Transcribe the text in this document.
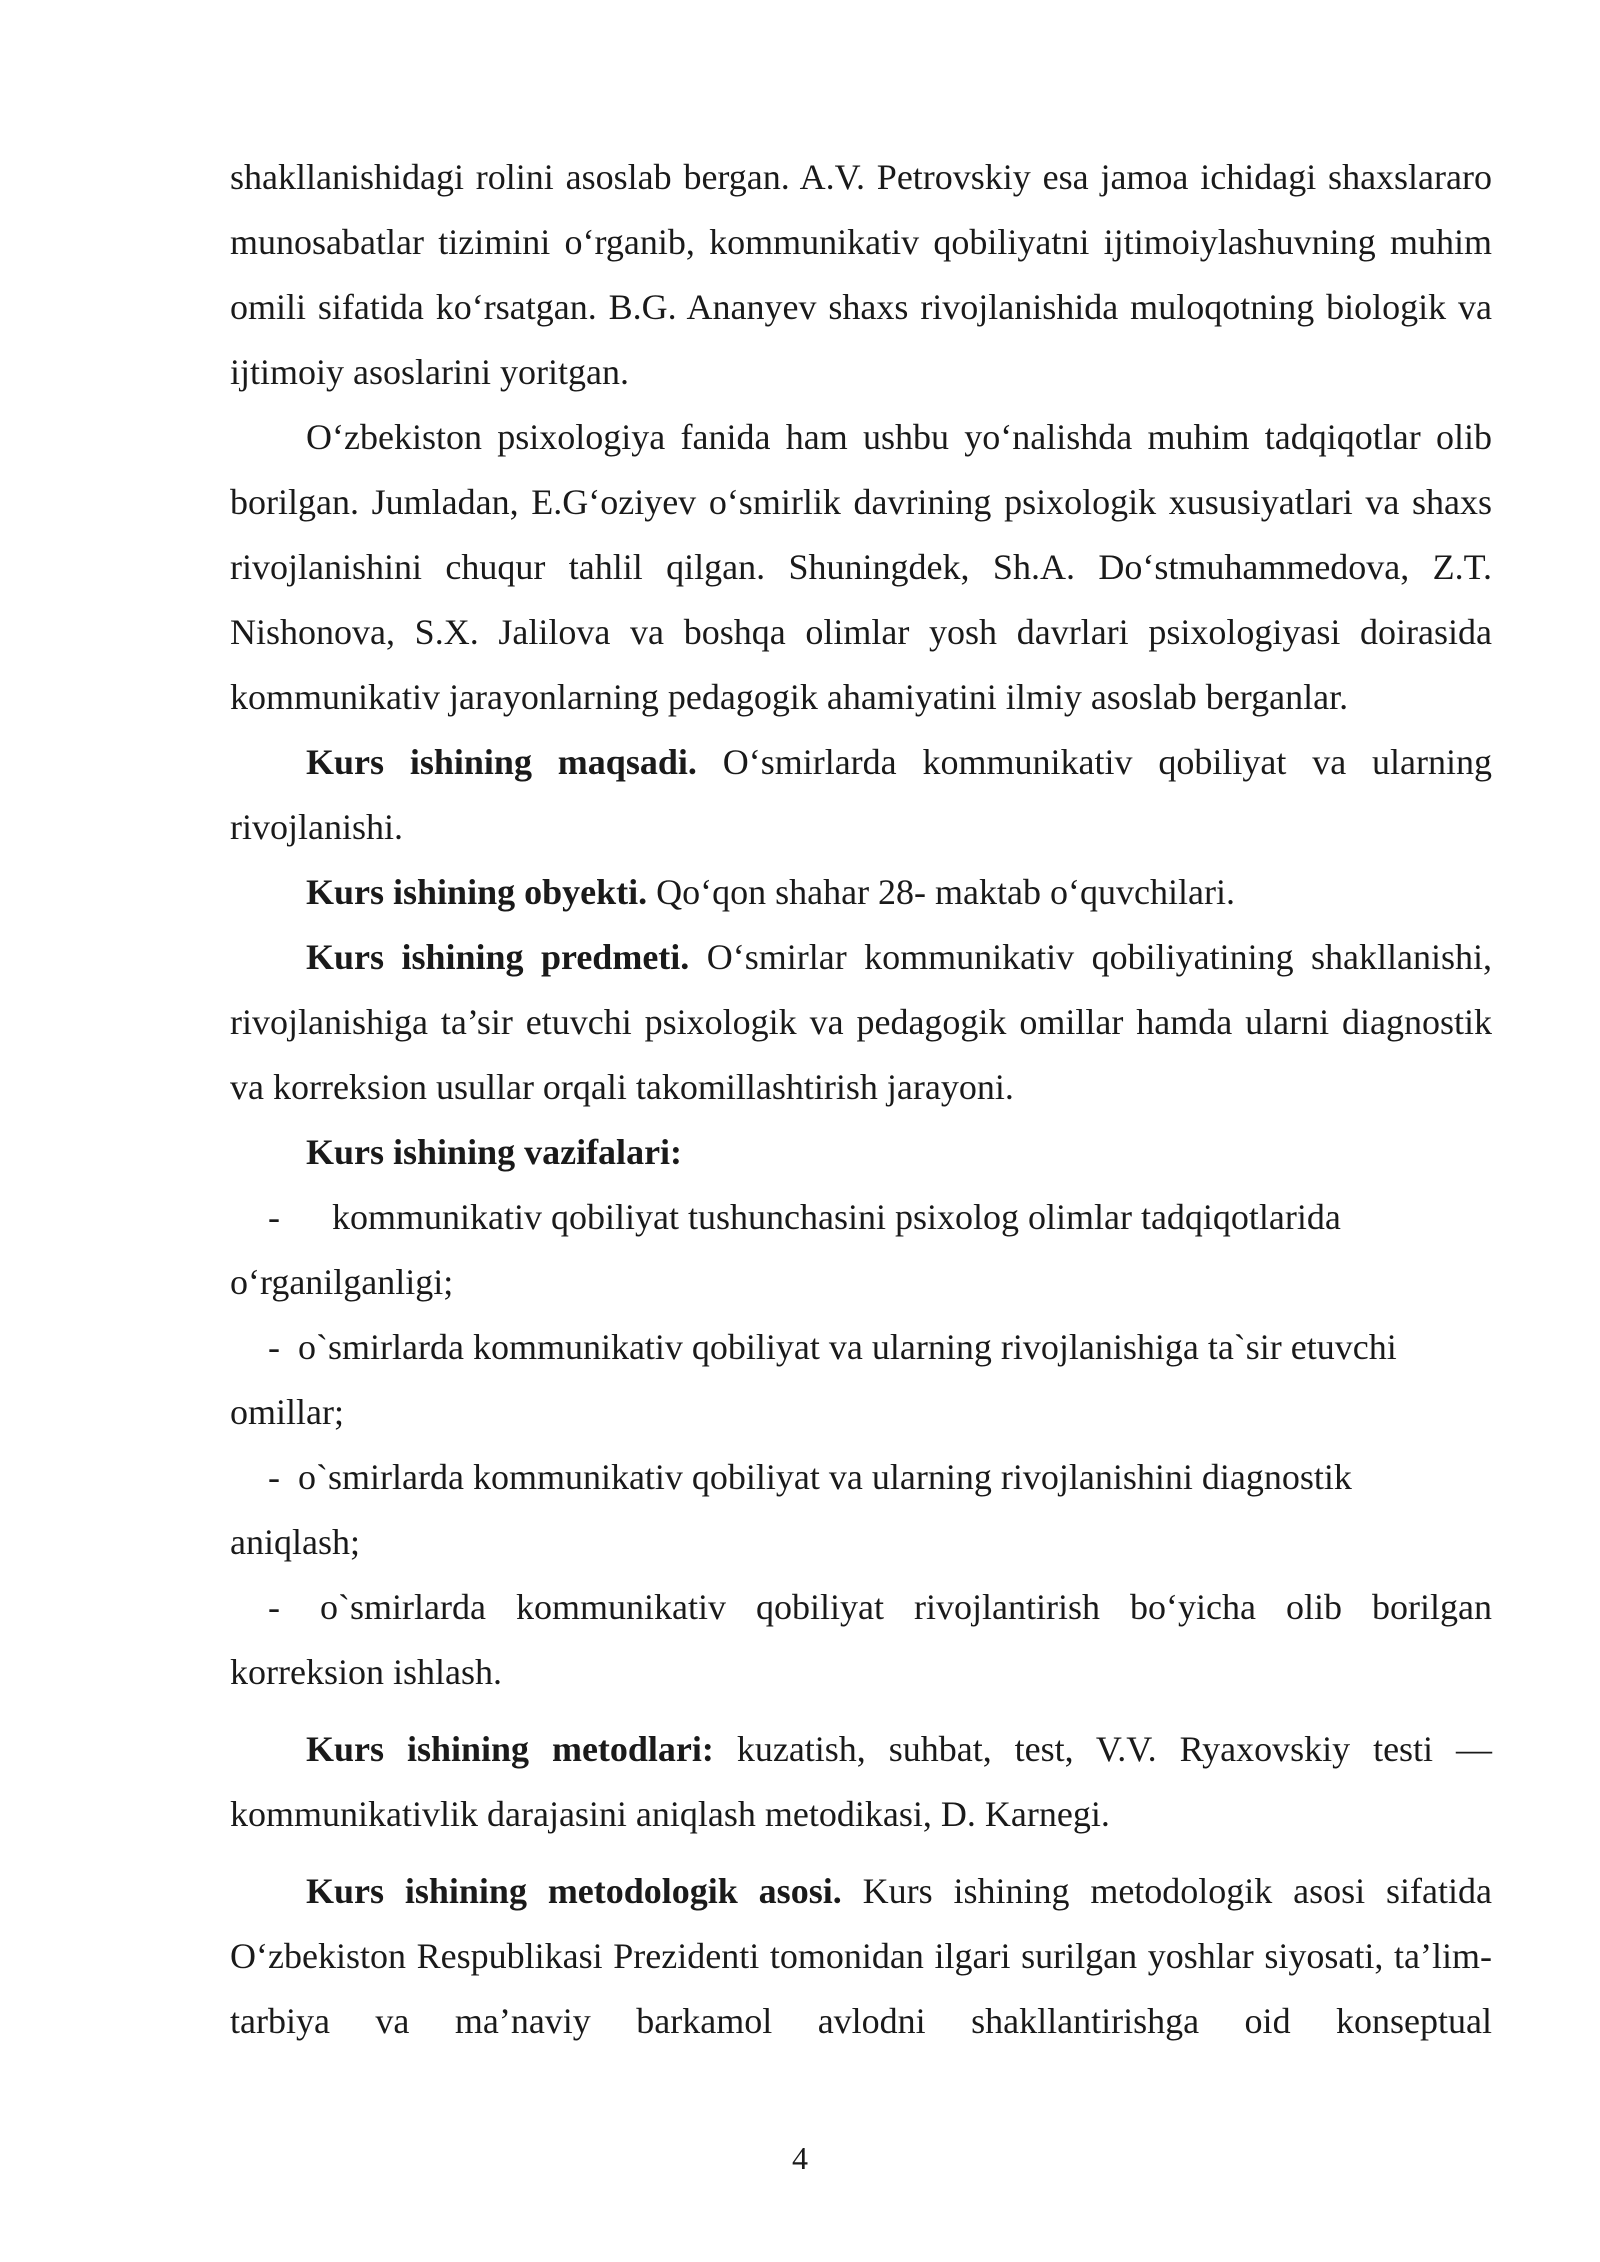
shakllanishidagi rolini asoslab bergan. A.V. Petrovskiy esa jamoa ichidagi shaxslararo munosabatlar tizimini o‘rganib, kommunikativ qobiliyatni ijtimoiylashuvning muhim omili sifatida ko‘rsatgan. B.G. Ananyev shaxs rivojlanishida muloqotning biologik va ijtimoiy asoslarini yoritgan.

O‘zbekiston psixologiya fanida ham ushbu yo‘nalishda muhim tadqiqotlar olib borilgan. Jumladan, E.G‘oziyev o‘smirlik davrining psixologik xususiyatlari va shaxs rivojlanishini chuqur tahlil qilgan. Shuningdek, Sh.A. Do‘stmuhammedova, Z.T. Nishonova, S.X. Jalilova va boshqa olimlar yosh davrlari psixologiyasi doirasida kommunikativ jarayonlarning pedagogik ahamiyatini ilmiy asoslab berganlar.

Kurs ishining maqsadi. O‘smirlarda kommunikativ qobiliyat va ularning rivojlanishi.

Kurs ishining obyekti. Qo‘qon shahar 28- maktab o‘quvchilari.

Kurs ishining predmeti. O‘smirlar kommunikativ qobiliyatining shakllanishi, rivojlanishiga ta’sir etuvchi psixologik va pedagogik omillar hamda ularni diagnostik va korreksion usullar orqali takomillashtirish jarayoni.

Kurs ishining vazifalari:

- kommunikativ qobiliyat tushunchasini psixolog olimlar tadqiqotlarida
o‘rganilganligi;
- o`smirlarda kommunikativ qobiliyat va ularning rivojlanishiga ta`sir etuvchi
omillar;
- o`smirlarda kommunikativ qobiliyat va ularning rivojlanishini diagnostik
aniqlash;
-	o`smirlarda kommunikativ qobiliyat rivojlantirish bo‘yicha olib borilgan
korreksion ishlash.

Kurs ishining metodlari: kuzatish, suhbat, test, V.V. Ryaxovskiy testi — kommunikativlik darajasini aniqlash metodikasi, D. Karnegi.

Kurs ishining metodologik asosi. Kurs ishining metodologik asosi sifatida O‘zbekiston Respublikasi Prezidenti tomonidan ilgari surilgan yoshlar siyosati, ta’lim-tarbiya va ma’naviy barkamol avlodni shakllantirishga oid konseptual

4
